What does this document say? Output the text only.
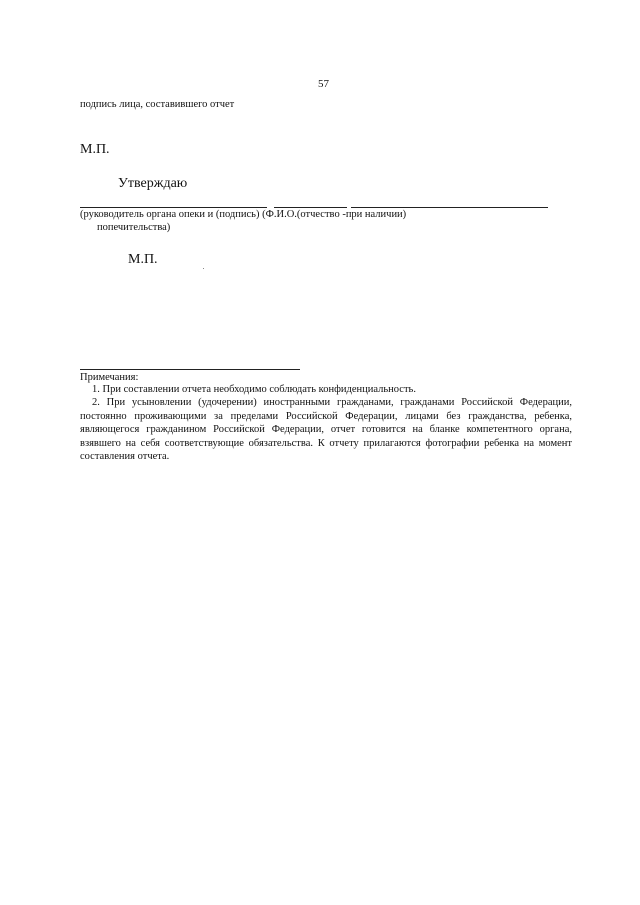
57
подпись лица, составившего отчет
М.П.
Утверждаю
(руководитель органа опеки и (подпись) (Ф.И.О.(отчество -при наличии)
попечительства)
М.П.
Примечания:
1. При составлении отчета необходимо соблюдать конфиденциальность.
2. При усыновлении (удочерении) иностранными гражданами, гражданами Российской Федерации, постоянно проживающими за пределами Российской Федерации, лицами без гражданства, ребенка, являющегося гражданином Российской Федерации, отчет готовится на бланке компетентного органа, взявшего на себя соответствующие обязательства. К отчету прилагаются фотографии ребенка на момент составления отчета.
